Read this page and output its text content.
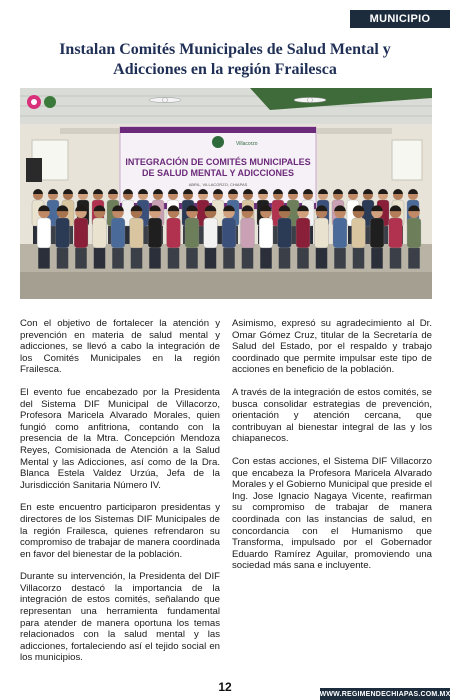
MUNICIPIO
Instalan Comités Municipales de Salud Mental y Adicciones en la región Frailesca
Villacorzo
INTEGRACIÓN DE COMITÉS MUNICIPALES
DE SALUD MENTAL Y ADICCIONES
ABRIL, VILLACORZO, CHIAPAS

Con el objetivo de fortalecer la atención y prevención en materia de salud mental y adicciones, se llevó a cabo la integración de los Comités Municipales en la región Frailesca.

El evento fue encabezado por la Presidenta del Sistema DIF Municipal de Villacorzo, Profesora Maricela Alvarado Morales, quien fungió como anfitriona, contando con la presencia de la Mtra. Concepción Mendoza Reyes, Comisionada de Atención a la Salud Mental y las Adicciones, así como de la Dra. Blanca Estela Valdez Urzúa, Jefa de la Jurisdicción Sanitaria Número IV.

En este encuentro participaron presidentas y directores de los Sistemas DIF Municipales de la región Frailesca, quienes refrendaron su compromiso de trabajar de manera coordinada en favor del bienestar de la población.

Durante su intervención, la Presidenta del DIF Villacorzo destacó la importancia de la integración de estos comités, señalando que representan una herramienta fundamental para atender de manera oportuna los temas relacionados con la salud mental y las adicciones, fortaleciendo así el tejido social en los municipios.

Asimismo, expresó su agradecimiento al Dr. Omar Gómez Cruz, titular de la Secretaría de Salud del Estado, por el respaldo y trabajo coordinado que permite impulsar este tipo de acciones en beneficio de la población.

A través de la integración de estos comités, se busca consolidar estrategias de prevención, orientación y atención cercana, que contribuyan al bienestar integral de las y los chiapanecos.

Con estas acciones, el Sistema DIF Villacorzo que encabeza la Profesora Maricela Alvarado Morales y el Gobierno Municipal que preside el Ing. Jose Ignacio Nagaya Vicente, reafirman su compromiso de trabajar de manera coordinada con las instancias de salud, en concordancia con el Humanismo que Transforma, impulsado por el Gobernador Eduardo Ramírez Aguilar, promoviendo una sociedad más sana e incluyente.

12	WWW.REGIMENDECHIAPAS.COM.MX
